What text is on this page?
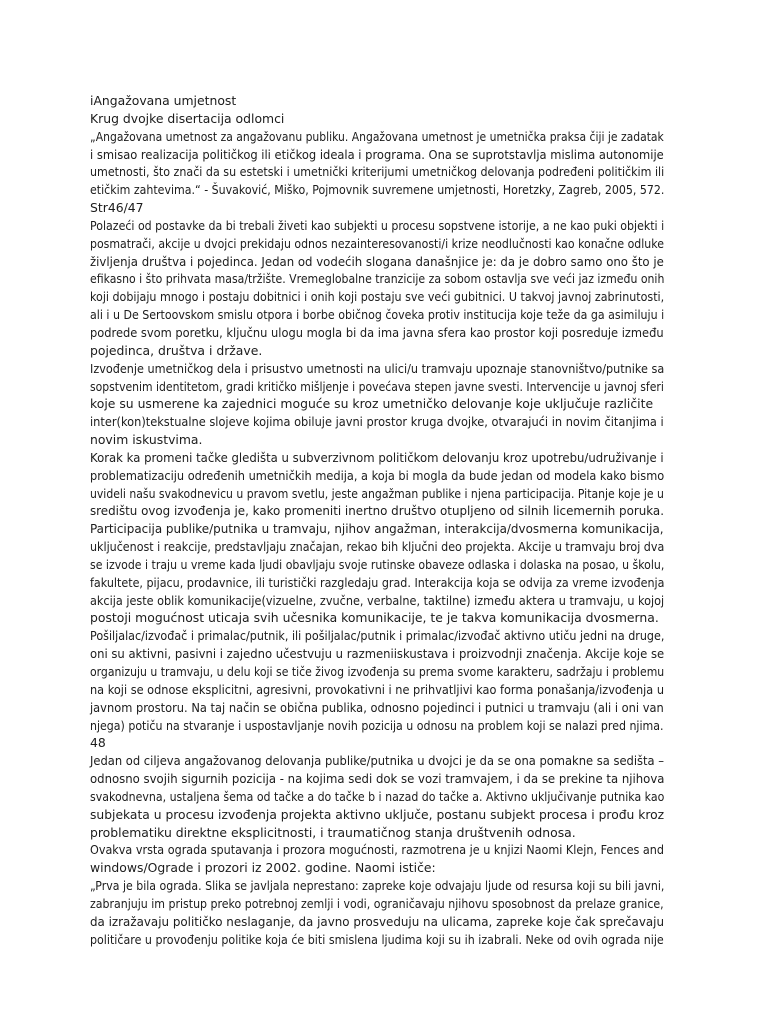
iAngažovana umjetnost
Krug dvojke disertacija odlomci
„Angažovana umetnost za angažovanu publiku. Angažovana umetnost je umetnička praksa čiji je zadatak
i smisao realizacija političkog ili etičkog ideala i programa. Ona se suprotstavlja mislima autonomije
umetnosti, što znači da su estetski i umetnički kriterijumi umetničkog delovanja podređeni političkim ili
etičkim zahtevima.“ - Šuvaković, Miško, Pojmovnik suvremene umjetnosti, Horetzky, Zagreb, 2005, 572.
Str46/47
Polazeći od postavke da bi trebali živeti kao subjekti u procesu sopstvene istorije, a ne kao puki objekti i
posmatrači, akcije u dvojci prekidaju odnos nezainteresovanosti/i krize neodlučnosti kao konačne odluke
življenja društva i pojedinca. Jedan od vodećih slogana današnjice je: da je dobro samo ono što je
efikasno i što prihvata masa/tržište. Vremeglobalne tranzicije za sobom ostavlja sve veći jaz između onih
koji dobijaju mnogo i postaju dobitnici i onih koji postaju sve veći gubitnici. U takvoj javnoj zabrinutosti,
ali i u De Sertoovskom smislu otpora i borbe običnog čoveka protiv institucija koje teže da ga asimiluju i
podrede svom poretku, ključnu ulogu mogla bi da ima javna sfera kao prostor koji posreduje između
pojedinca, društva i države.
Izvođenje umetničkog dela i prisustvo umetnosti na ulici/u tramvaju upoznaje stanovništvo/putnike sa
sopstvenim identitetom, gradi kritičko mišljenje i povećava stepen javne svesti. Intervencije u javnoj sferi
koje su usmerene ka zajednici moguće su kroz umetničko delovanje koje uključuje različite
inter(kon)tekstualne slojeve kojima obiluje javni prostor kruga dvojke, otvarajući in novim čitanjima i
novim iskustvima.
Korak ka promeni tačke gledišta u subverzivnom političkom delovanju kroz upotrebu/udruživanje i
problematizaciju određenih umetničkih medija, a koja bi mogla da bude jedan od modela kako bismo
uvideli našu svakodnevicu u pravom svetlu, jeste angažman publike i njena participacija. Pitanje koje je u
središtu ovog izvođenja je, kako promeniti inertno društvo otupljeno od silnih licemernih poruka.
Participacija publike/putnika u tramvaju, njihov angažman, interakcija/dvosmerna komunikacija,
uključenost i reakcije, predstavljaju značajan, rekao bih ključni deo projekta. Akcije u tramvaju broj dva
se izvode i traju u vreme kada ljudi obavljaju svoje rutinske obaveze odlaska i dolaska na posao, u školu,
fakultete, pijacu, prodavnice, ili turistički razgledaju grad. Interakcija koja se odvija za vreme izvođenja
akcija jeste oblik komunikacije(vizuelne, zvučne, verbalne, taktilne) između aktera u tramvaju, u kojoj
postoji mogućnost uticaja svih učesnika komunikacije, te je takva komunikacija dvosmerna.
Pošiljalac/izvođač i primalac/putnik, ili pošiljalac/putnik i primalac/izvođač aktivno utiču jedni na druge,
oni su aktivni, pasivni i zajedno učestvuju u razmeniiskustava i proizvodnji značenja. Akcije koje se
organizuju u tramvaju, u delu koji se tiče živog izvođenja su prema svome karakteru, sadržaju i problemu
na koji se odnose eksplicitni, agresivni, provokativni i ne prihvatljivi kao forma ponašanja/izvođenja u
javnom prostoru. Na taj način se obična publika, odnosno pojedinci i putnici u tramvaju (ali i oni van
njega) potiču na stvaranje i uspostavljanje novih pozicija u odnosu na problem koji se nalazi pred njima.
48
Jedan od ciljeva angažovanog delovanja publike/putnika u dvojci je da se ona pomakne sa sedišta –
odnosno svojih sigurnih pozicija - na kojima sedi dok se vozi tramvajem, i da se prekine ta njihova
svakodnevna, ustaljena šema od tačke a do tačke b i nazad do tačke a. Aktivno uključivanje putnika kao
subjekata u procesu izvođenja projekta aktivno uključe, postanu subjekt procesa i prođu kroz
problematiku direktne eksplicitnosti, i traumatičnog stanja društvenih odnosa.
Ovakva vrsta ograda sputavanja i prozora mogućnosti, razmotrena je u knjizi Naomi Klejn, Fences and
windows/Ograde i prozori iz 2002. godine. Naomi ističe:
„Prva je bila ograda. Slika se javljala neprestano: zapreke koje odvajaju ljude od resursa koji su bili javni,
zabranjuju im pristup preko potrebnoj zemlji i vodi, ograničavaju njihovu sposobnost da prelaze granice,
da izražavaju političko neslaganje, da javno prosveduju na ulicama, zapreke koje čak sprečavaju
političare u provođenju politike koja će biti smislena ljudima koji su ih izabrali. Neke od ovih ograda nije
